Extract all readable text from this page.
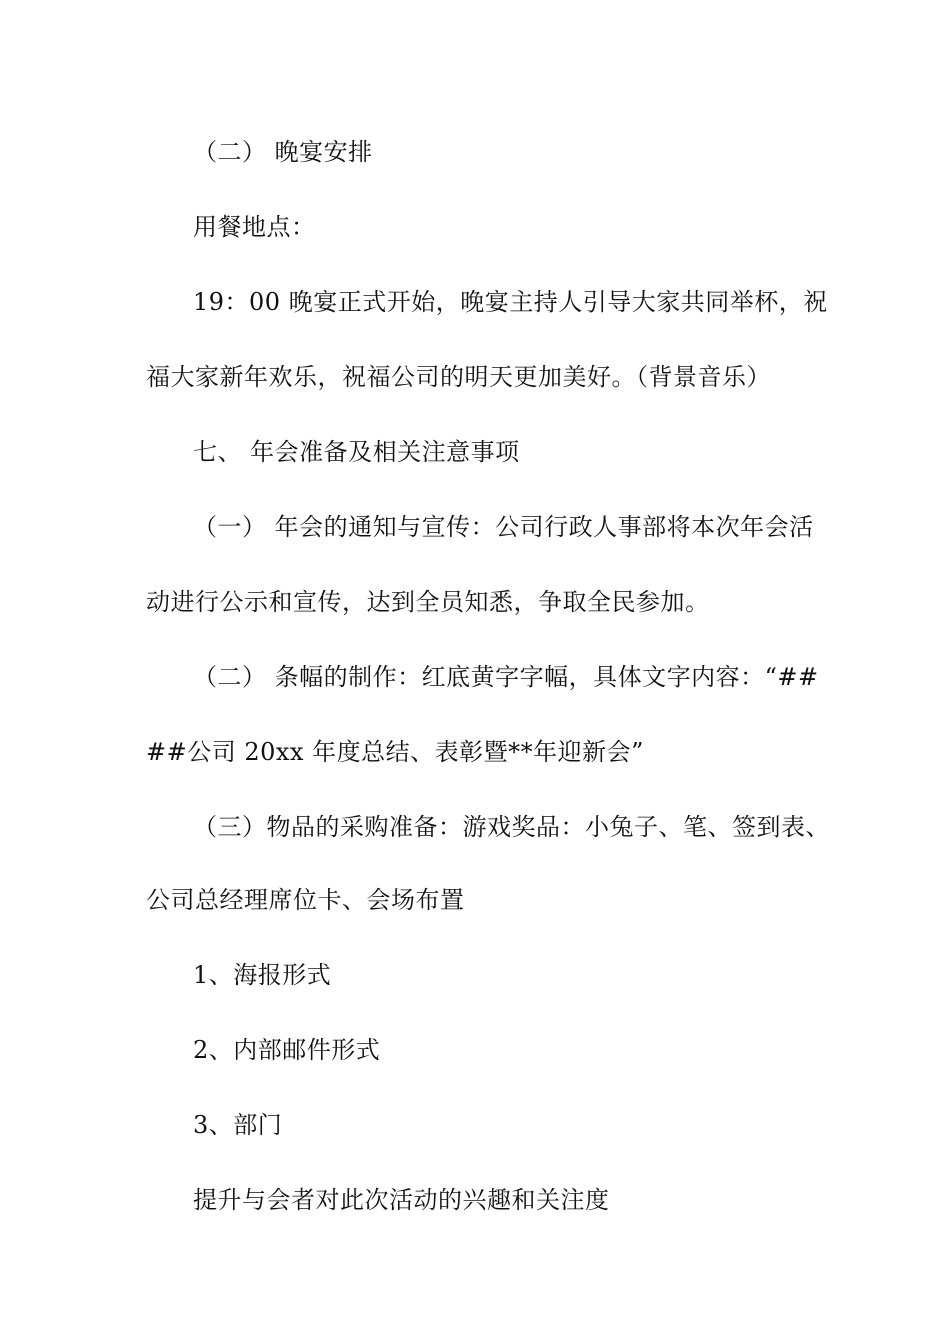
（二） 晚宴安排
用餐地点：
19：00 晚宴正式开始，晚宴主持人引导大家共同举杯，祝
福大家新年欢乐，祝福公司的明天更加美好。（背景音乐）
七、 年会准备及相关注意事项
（一） 年会的通知与宣传：公司行政人事部将本次年会活
动进行公示和宣传，达到全员知悉，争取全民参加。
（二） 条幅的制作：红底黄字字幅，具体文字内容：“##
##公司 20xx 年度总结、表彰暨**年迎新会”
（三）物品的采购准备：游戏奖品：小兔子、笔、签到表、
公司总经理席位卡、会场布置
1、海报形式
2、内部邮件形式
3、部门
提升与会者对此次活动的兴趣和关注度
